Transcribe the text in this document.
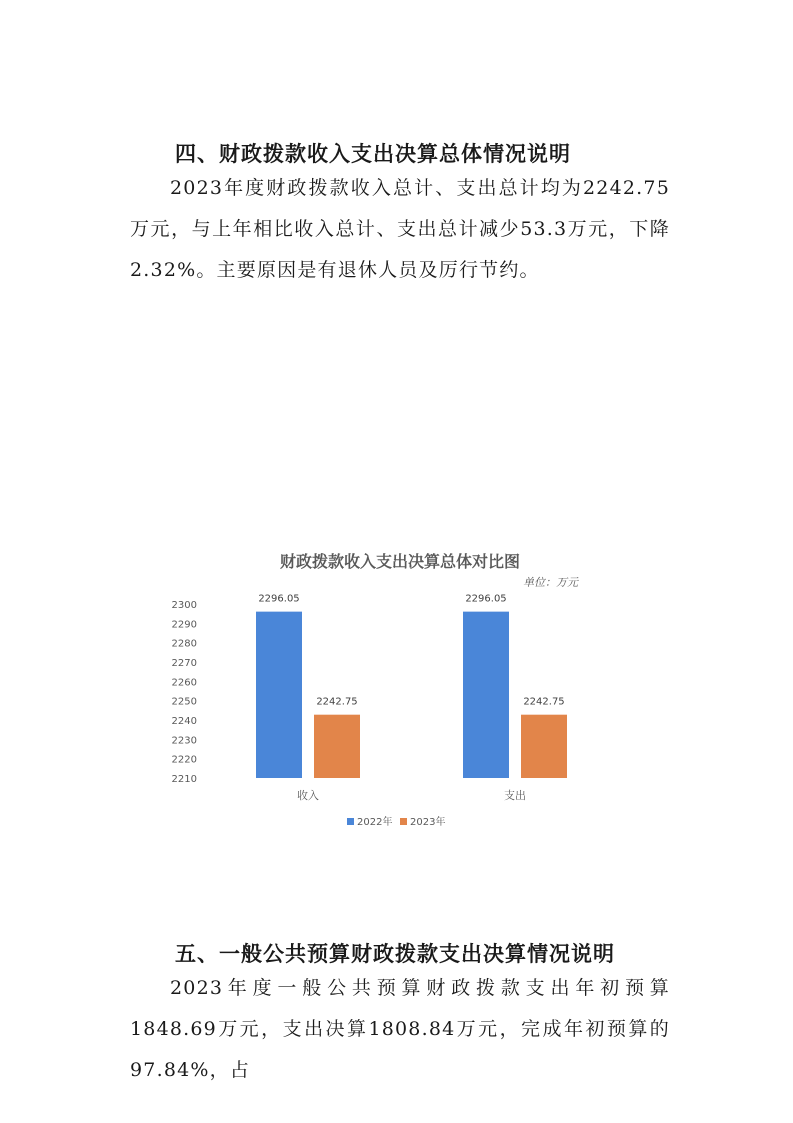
四、财政拨款收入支出决算总体情况说明

2023年度财政拨款收入总计、支出总计均为2242.75万元，与上年相比收入总计、支出总计减少53.3万元，下降2.32%。主要原因是有退休人员及厉行节约。

财政拨款收入支出决算总体对比图
单位：万元
2210
2220
2230
2240
2250
2260
2270
2280
2290
2300
2296.05
2242.75
2296.05
2242.75
收入	支出
2022年 2023年
五、一般公共预算财政拨款支出决算情况说明

2023年度一般公共预算财政拨款支出年初预算1848.69万元，支出决算1808.84万元，完成年初预算的97.84%，占
